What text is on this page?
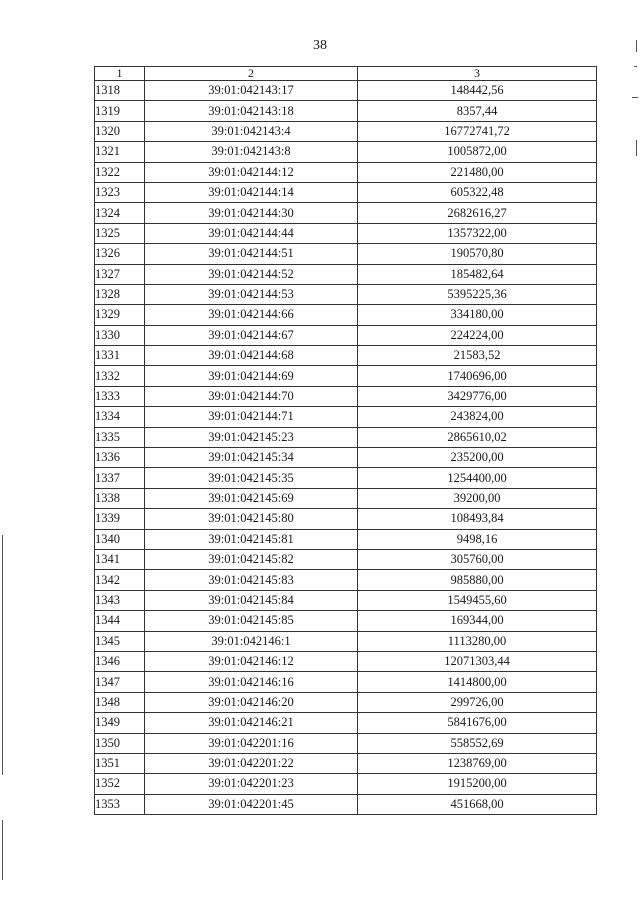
38
1	2	3
1318	39:01:042143:17	148442,56
1319	39:01:042143:18	8357,44
1320	39:01:042143:4	16772741,72
1321	39:01:042143:8	1005872,00
1322	39:01:042144:12	221480,00
1323	39:01:042144:14	605322,48
1324	39:01:042144:30	2682616,27
1325	39:01:042144:44	1357322,00
1326	39:01:042144:51	190570,80
1327	39:01:042144:52	185482,64
1328	39:01:042144:53	5395225,36
1329	39:01:042144:66	334180,00
1330	39:01:042144:67	224224,00
1331	39:01:042144:68	21583,52
1332	39:01:042144:69	1740696,00
1333	39:01:042144:70	3429776,00
1334	39:01:042144:71	243824,00
1335	39:01:042145:23	2865610,02
1336	39:01:042145:34	235200,00
1337	39:01:042145:35	1254400,00
1338	39:01:042145:69	39200,00
1339	39:01:042145:80	108493,84
1340	39:01:042145:81	9498,16
1341	39:01:042145:82	305760,00
1342	39:01:042145:83	985880,00
1343	39:01:042145:84	1549455,60
1344	39:01:042145:85	169344,00
1345	39:01:042146:1	1113280,00
1346	39:01:042146:12	12071303,44
1347	39:01:042146:16	1414800,00
1348	39:01:042146:20	299726,00
1349	39:01:042146:21	5841676,00
1350	39:01:042201:16	558552,69
1351	39:01:042201:22	1238769,00
1352	39:01:042201:23	1915200,00
1353	39:01:042201:45	451668,00
